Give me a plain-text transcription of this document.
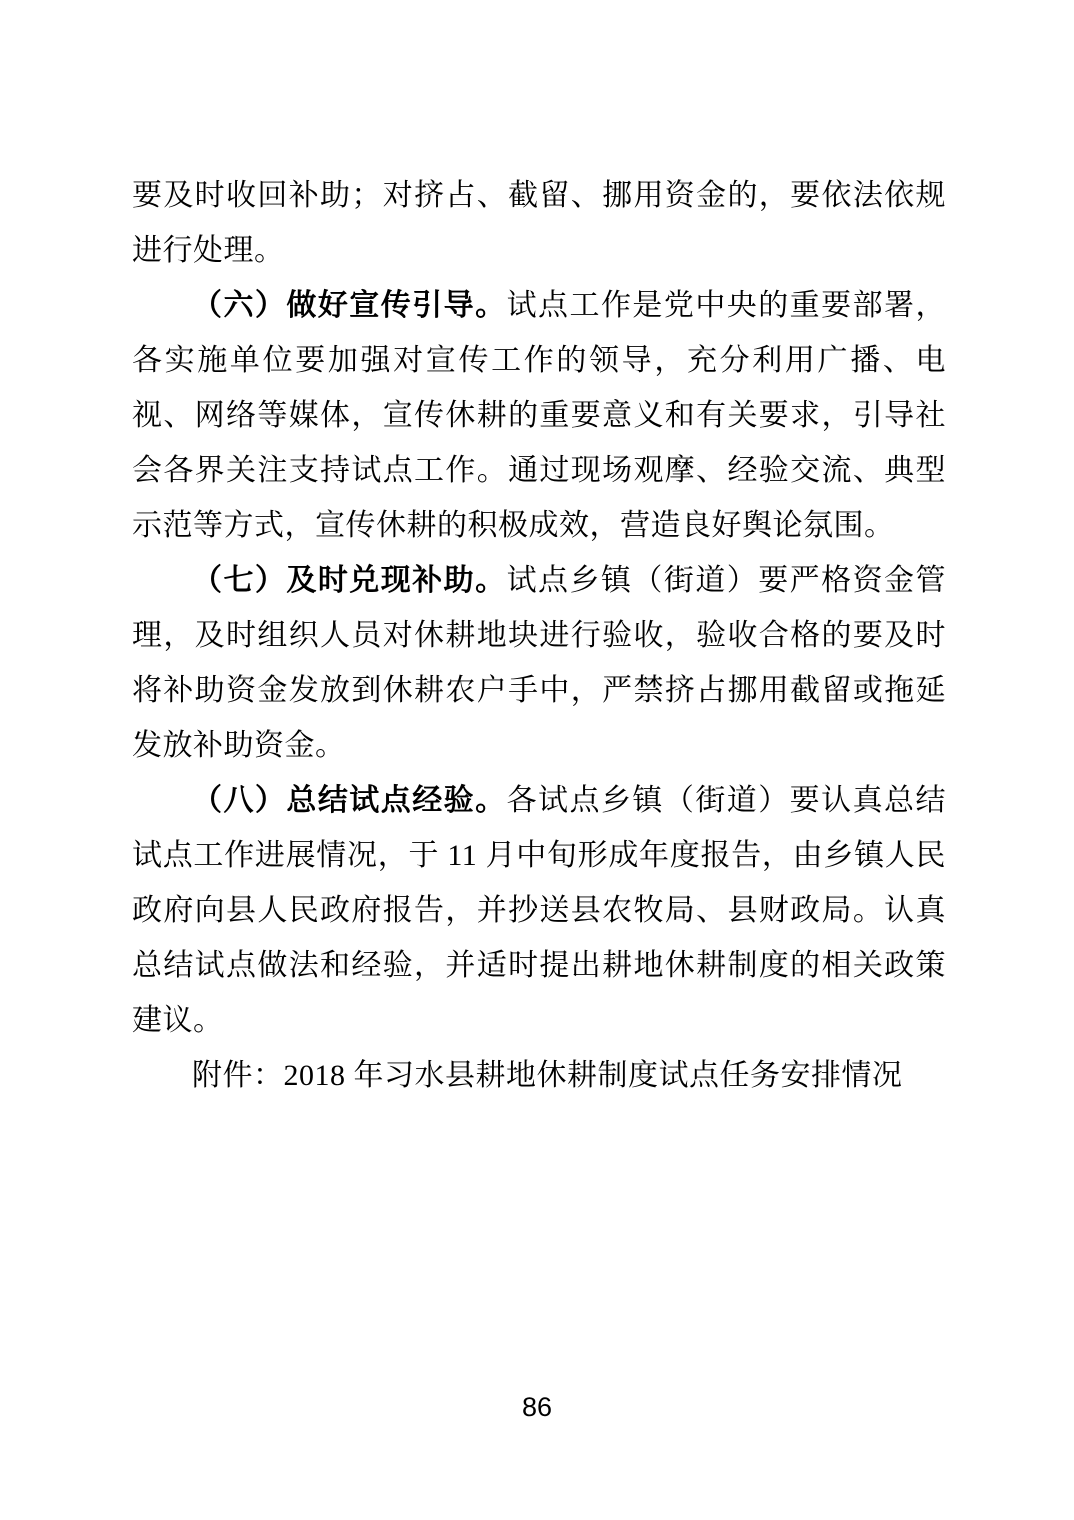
要及时收回补助；对挤占、截留、挪用资金的，要依法依规进行处理。

（六）做好宣传引导。试点工作是党中央的重要部署，各实施单位要加强对宣传工作的领导，充分利用广播、电视、网络等媒体，宣传休耕的重要意义和有关要求，引导社会各界关注支持试点工作。通过现场观摩、经验交流、典型示范等方式，宣传休耕的积极成效，营造良好舆论氛围。

（七）及时兑现补助。试点乡镇（街道）要严格资金管理，及时组织人员对休耕地块进行验收，验收合格的要及时将补助资金发放到休耕农户手中，严禁挤占挪用截留或拖延发放补助资金。

（八）总结试点经验。各试点乡镇（街道）要认真总结试点工作进展情况，于 11 月中旬形成年度报告，由乡镇人民政府向县人民政府报告，并抄送县农牧局、县财政局。认真总结试点做法和经验，并适时提出耕地休耕制度的相关政策建议。

附件：2018 年习水县耕地休耕制度试点任务安排情况

86
